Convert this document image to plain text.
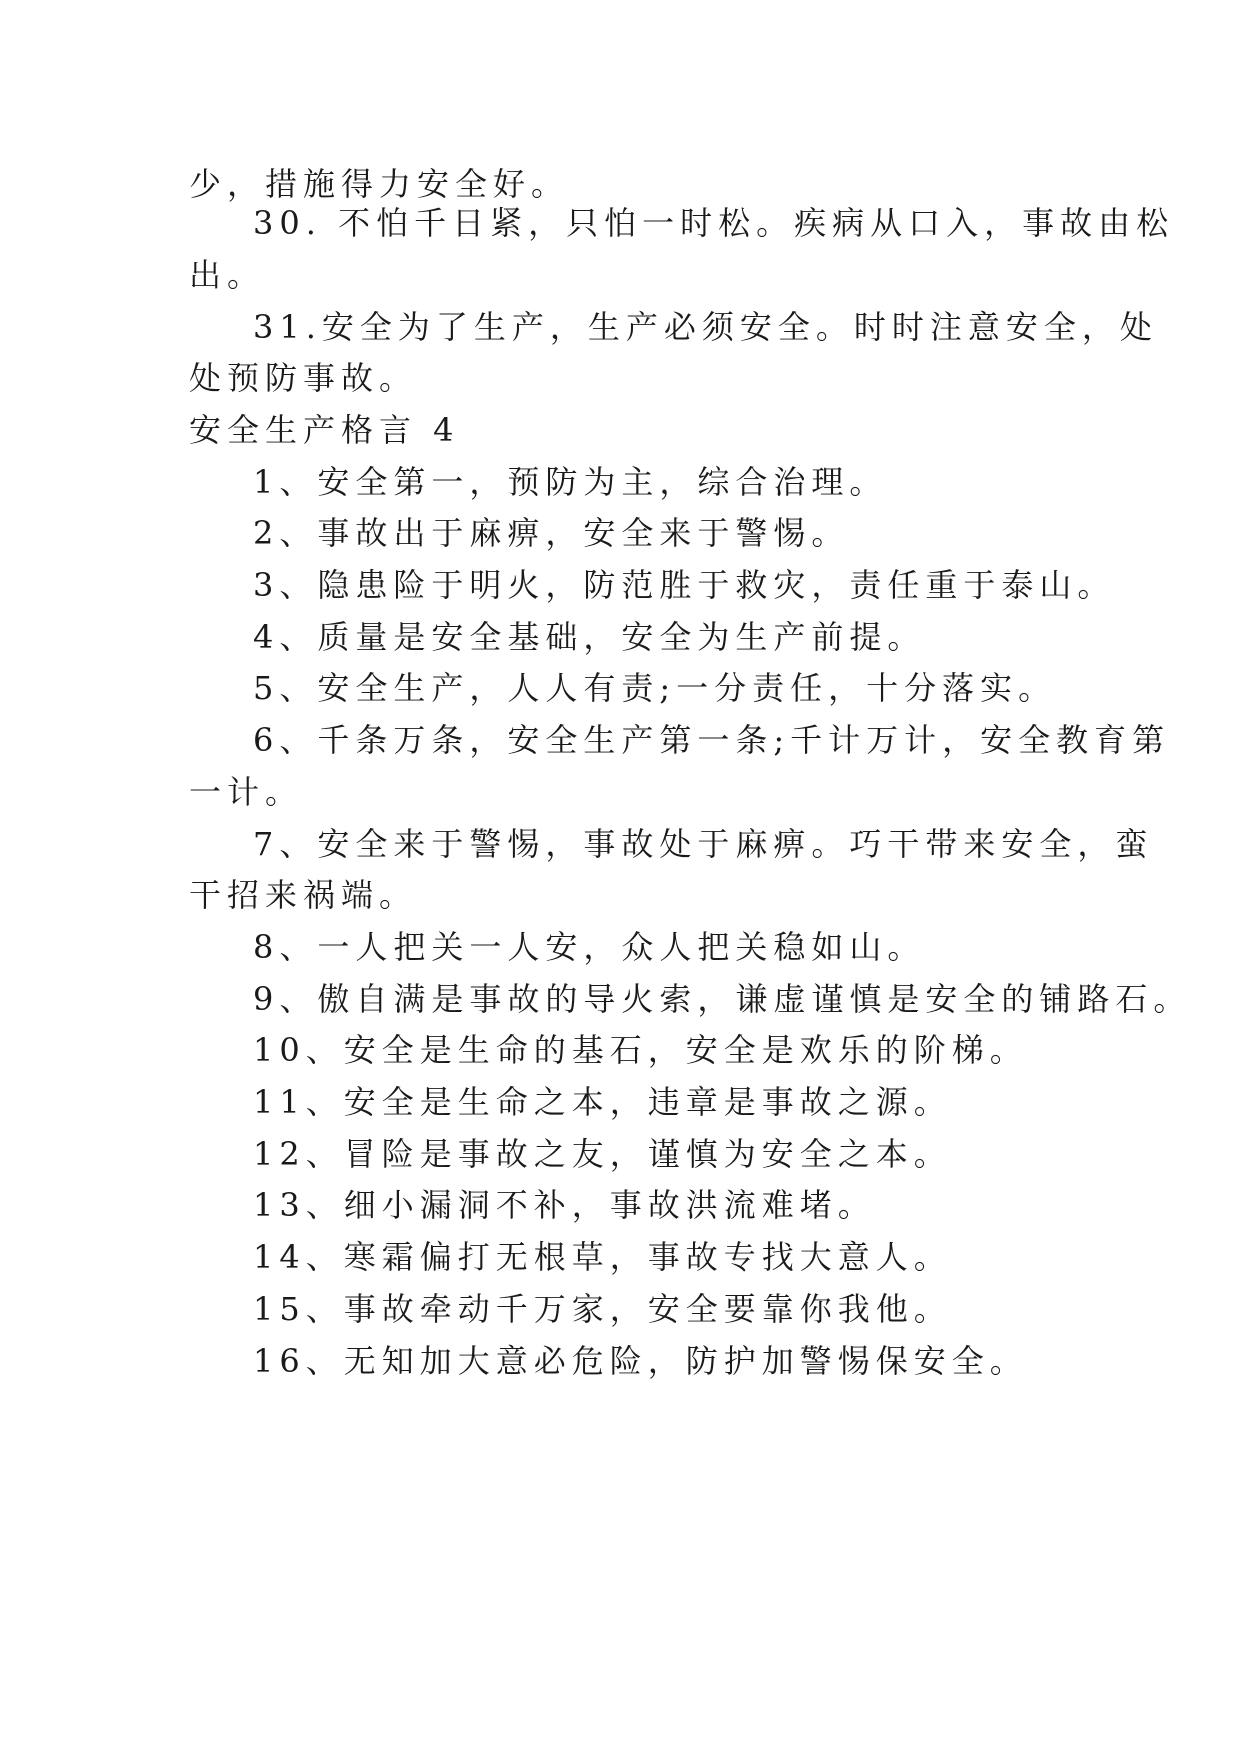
少，措施得力安全好。
30. 不怕千日紧，只怕一时松。疾病从口入，事故由松
出。
31.安全为了生产，生产必须安全。时时注意安全，处
处预防事故。
安全生产格言 4
1、安全第一，预防为主，综合治理。
2、事故出于麻痹，安全来于警惕。
3、隐患险于明火，防范胜于救灾，责任重于泰山。
4、质量是安全基础，安全为生产前提。
5、安全生产，人人有责;一分责任，十分落实。
6、千条万条，安全生产第一条;千计万计，安全教育第
一计。
7、安全来于警惕，事故处于麻痹。巧干带来安全，蛮
干招来祸端。
8、一人把关一人安，众人把关稳如山。
9、傲自满是事故的导火索，谦虚谨慎是安全的铺路石。
10、安全是生命的基石，安全是欢乐的阶梯。
11、安全是生命之本，违章是事故之源。
12、冒险是事故之友，谨慎为安全之本。
13、细小漏洞不补，事故洪流难堵。
14、寒霜偏打无根草，事故专找大意人。
15、事故牵动千万家，安全要靠你我他。
16、无知加大意必危险，防护加警惕保安全。
